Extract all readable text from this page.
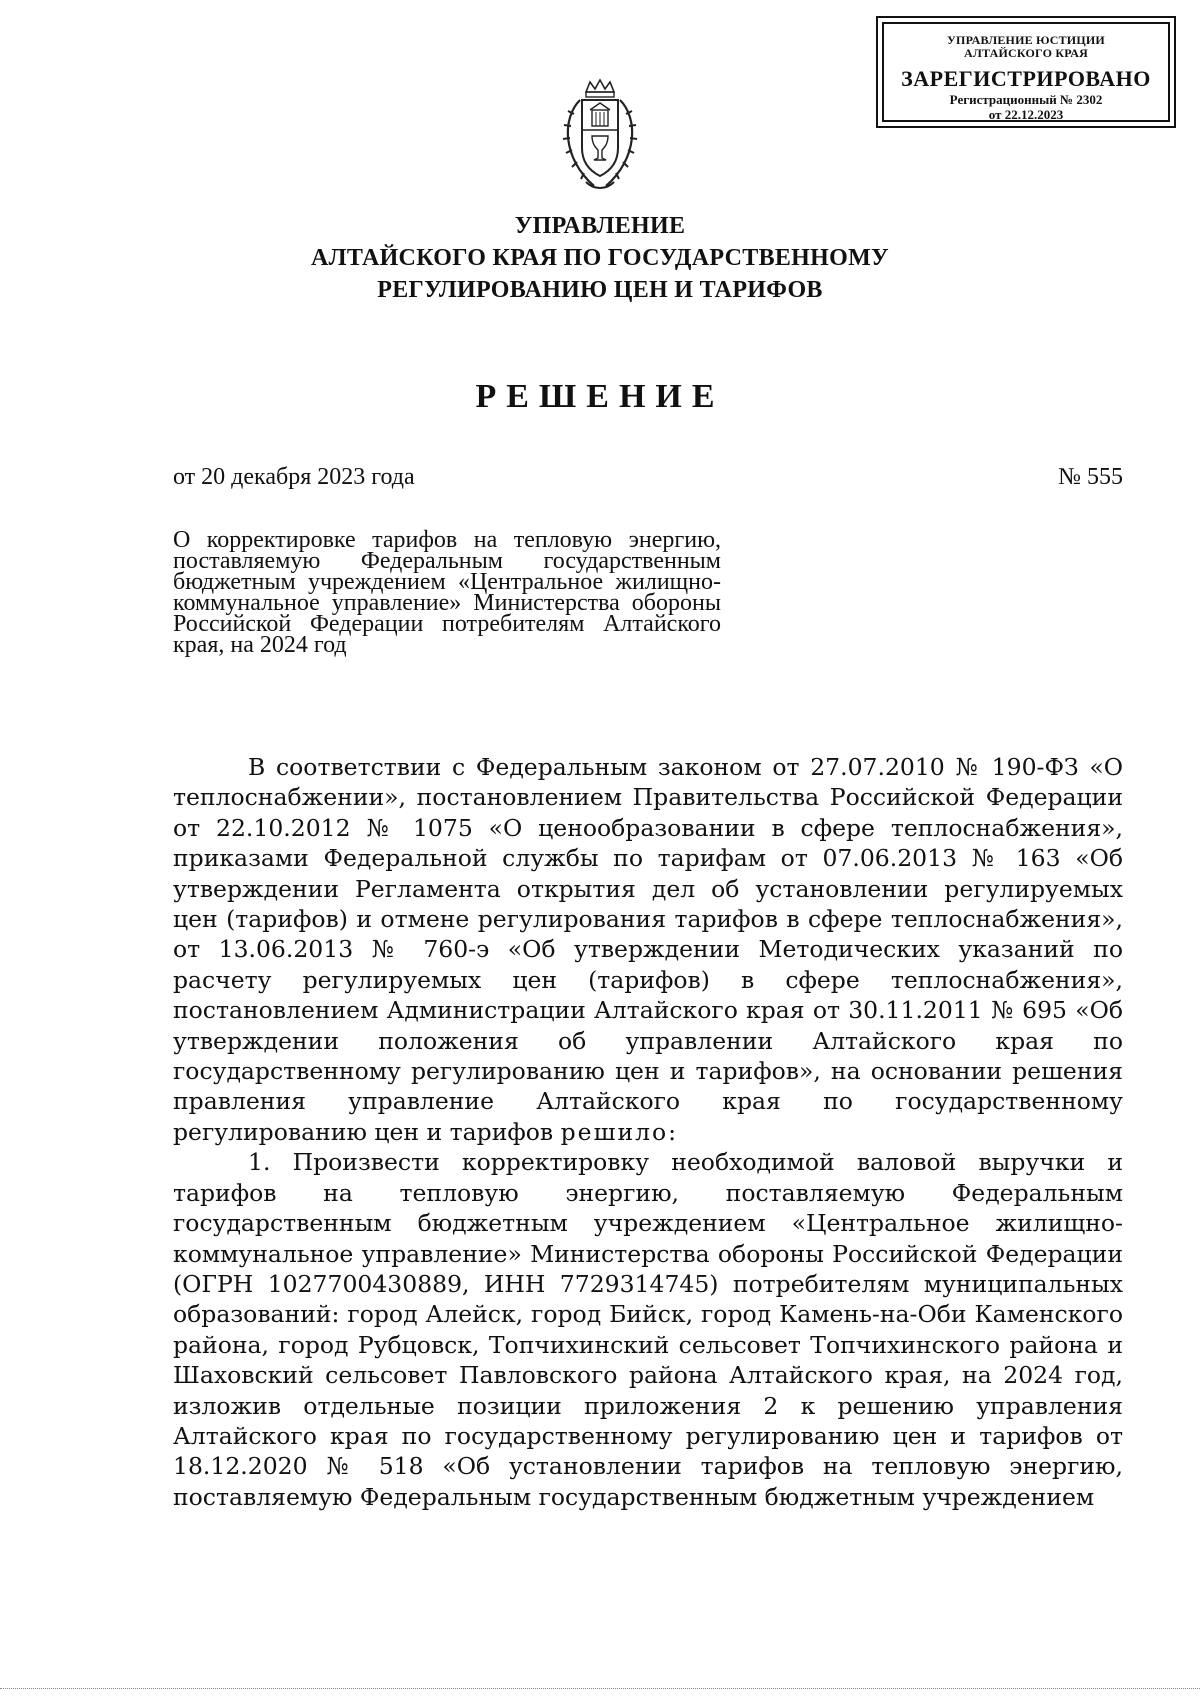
УПРАВЛЕНИЕ ЮСТИЦИИ
АЛТАЙСКОГО КРАЯ
ЗАРЕГИСТРИРОВАНО
Регистрационный № 2302
от 22.12.2023
УПРАВЛЕНИЕ
АЛТАЙСКОГО КРАЯ ПО ГОСУДАРСТВЕННОМУ
РЕГУЛИРОВАНИЮ ЦЕН И ТАРИФОВ
РЕШЕНИЕ
от 20 декабря 2023 года	№ 555
О корректировке тарифов на тепловую энергию, поставляемую Федеральным государственным бюджетным учреждением «Центральное жилищно-коммунальное управление» Министерства обороны Российской Федерации потребителям Алтайского края, на 2024 год

В соответствии с Федеральным законом от 27.07.2010 № 190-ФЗ «О теплоснабжении», постановлением Правительства Российской Федерации от 22.10.2012 № 1075 «О ценообразовании в сфере теплоснабжения», приказами Федеральной службы по тарифам от 07.06.2013 № 163 «Об утверждении Регламента открытия дел об установлении регулируемых цен (тарифов) и отмене регулирования тарифов в сфере теплоснабжения», от 13.06.2013 № 760-э «Об утверждении Методических указаний по расчету регулируемых цен (тарифов) в сфере теплоснабжения», постановлением Администрации Алтайского края от 30.11.2011 № 695 «Об утверждении положения об управлении Алтайского края по государственному регулированию цен и тарифов», на основании решения правления управление Алтайского края по государственному регулированию цен и тарифов решило:

1. Произвести корректировку необходимой валовой выручки и тарифов на тепловую энергию, поставляемую Федеральным государственным бюджетным учреждением «Центральное жилищно-коммунальное управление» Министерства обороны Российской Федерации (ОГРН 1027700430889, ИНН 7729314745) потребителям муниципальных образований: город Алейск, город Бийск, город Камень-на-Оби Каменского района, город Рубцовск, Топчихинский сельсовет Топчихинского района и Шаховский сельсовет Павловского района Алтайского края, на 2024 год, изложив отдельные позиции приложения 2 к решению управления Алтайского края по государственному регулированию цен и тарифов от 18.12.2020 № 518 «Об установлении тарифов на тепловую энергию, поставляемую Федеральным государственным бюджетным учреждением
